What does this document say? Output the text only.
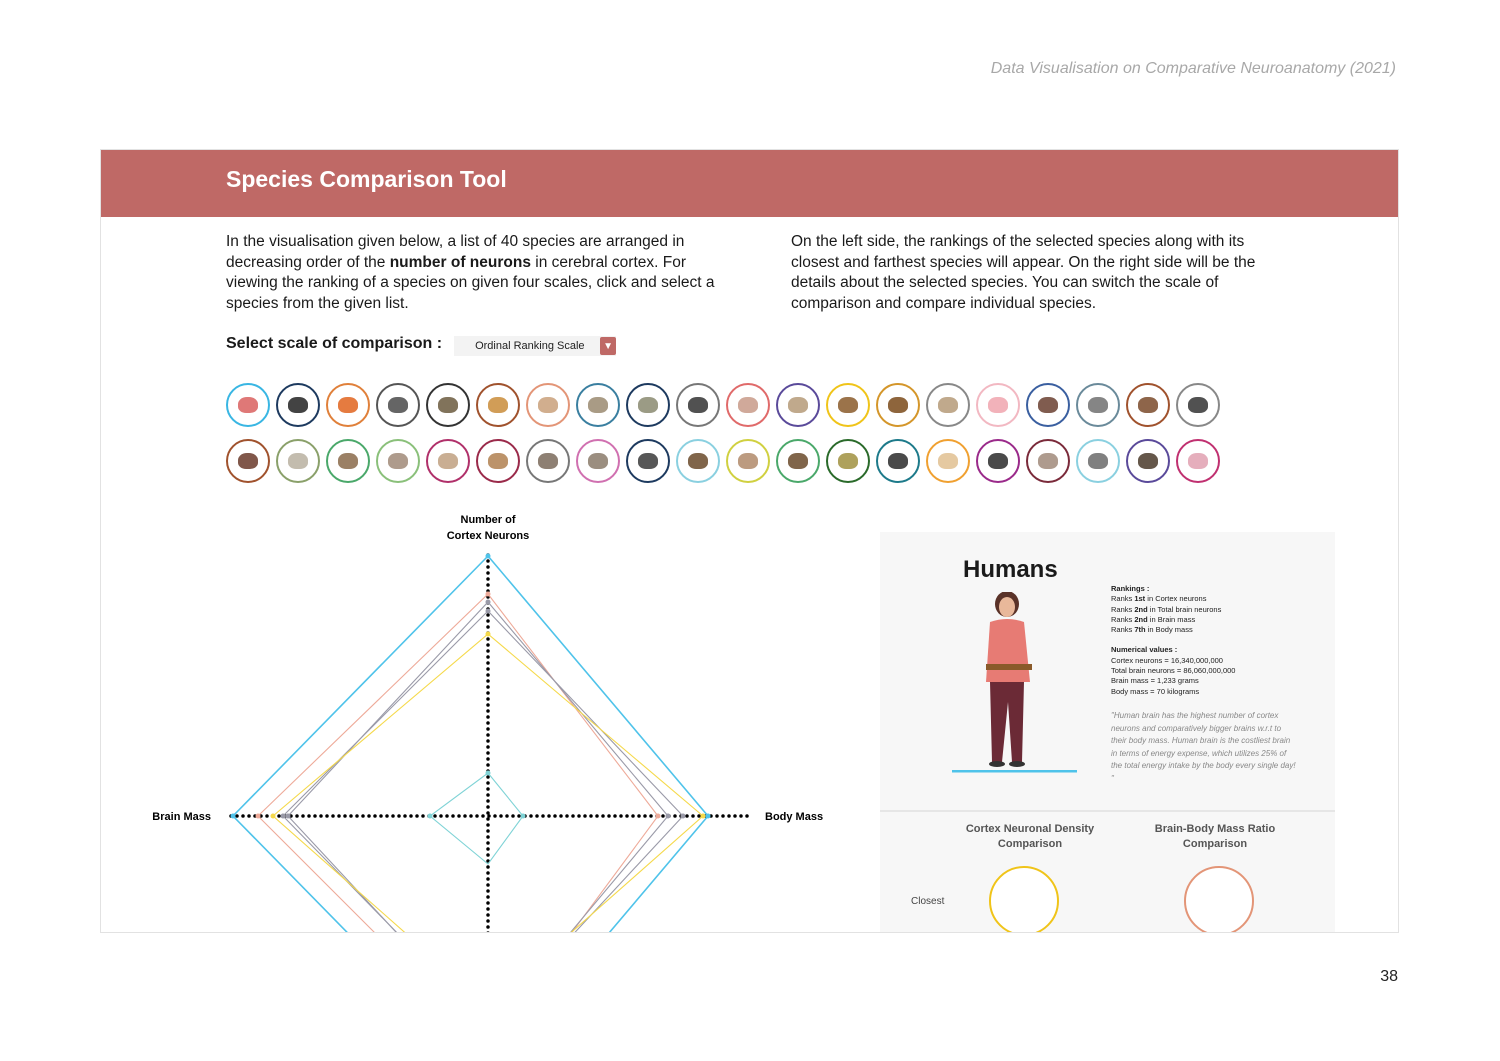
Data Visualisation on Comparative Neuroanatomy (2021)
Species Comparison Tool
In the visualisation given below, a list of 40 species are arranged in decreasing order of the number of neurons in cerebral cortex. For viewing the ranking of a species on given four scales, click and select a species from the given list.
On the left side, the rankings of the selected species along with its closest and farthest species will appear. On the right side will be the details about the selected species. You can switch the scale of comparison and compare individual species.
Select scale of comparison :	Ordinal Ranking Scale	▼
Number of
Cortex Neurons
Brain Mass	Body Mass
Humans
Rankings :
Ranks 1st in Cortex neurons
Ranks 2nd in Total brain neurons
Ranks 2nd in Brain mass
Ranks 7th in Body mass
Numerical values :
Cortex neurons = 16,340,000,000
Total brain neurons = 86,060,000,000
Brain mass = 1,233 grams
Body mass = 70 kilograms
"Human brain has the highest number of cortex neurons and comparatively bigger brains w.r.t to their body mass. Human brain is the costliest brain in terms of energy expense, which utilizes 25% of the total energy intake by the body every single day! "
Cortex Neuronal Density
Comparison
Brain-Body Mass Ratio
Comparison
Closest
38
